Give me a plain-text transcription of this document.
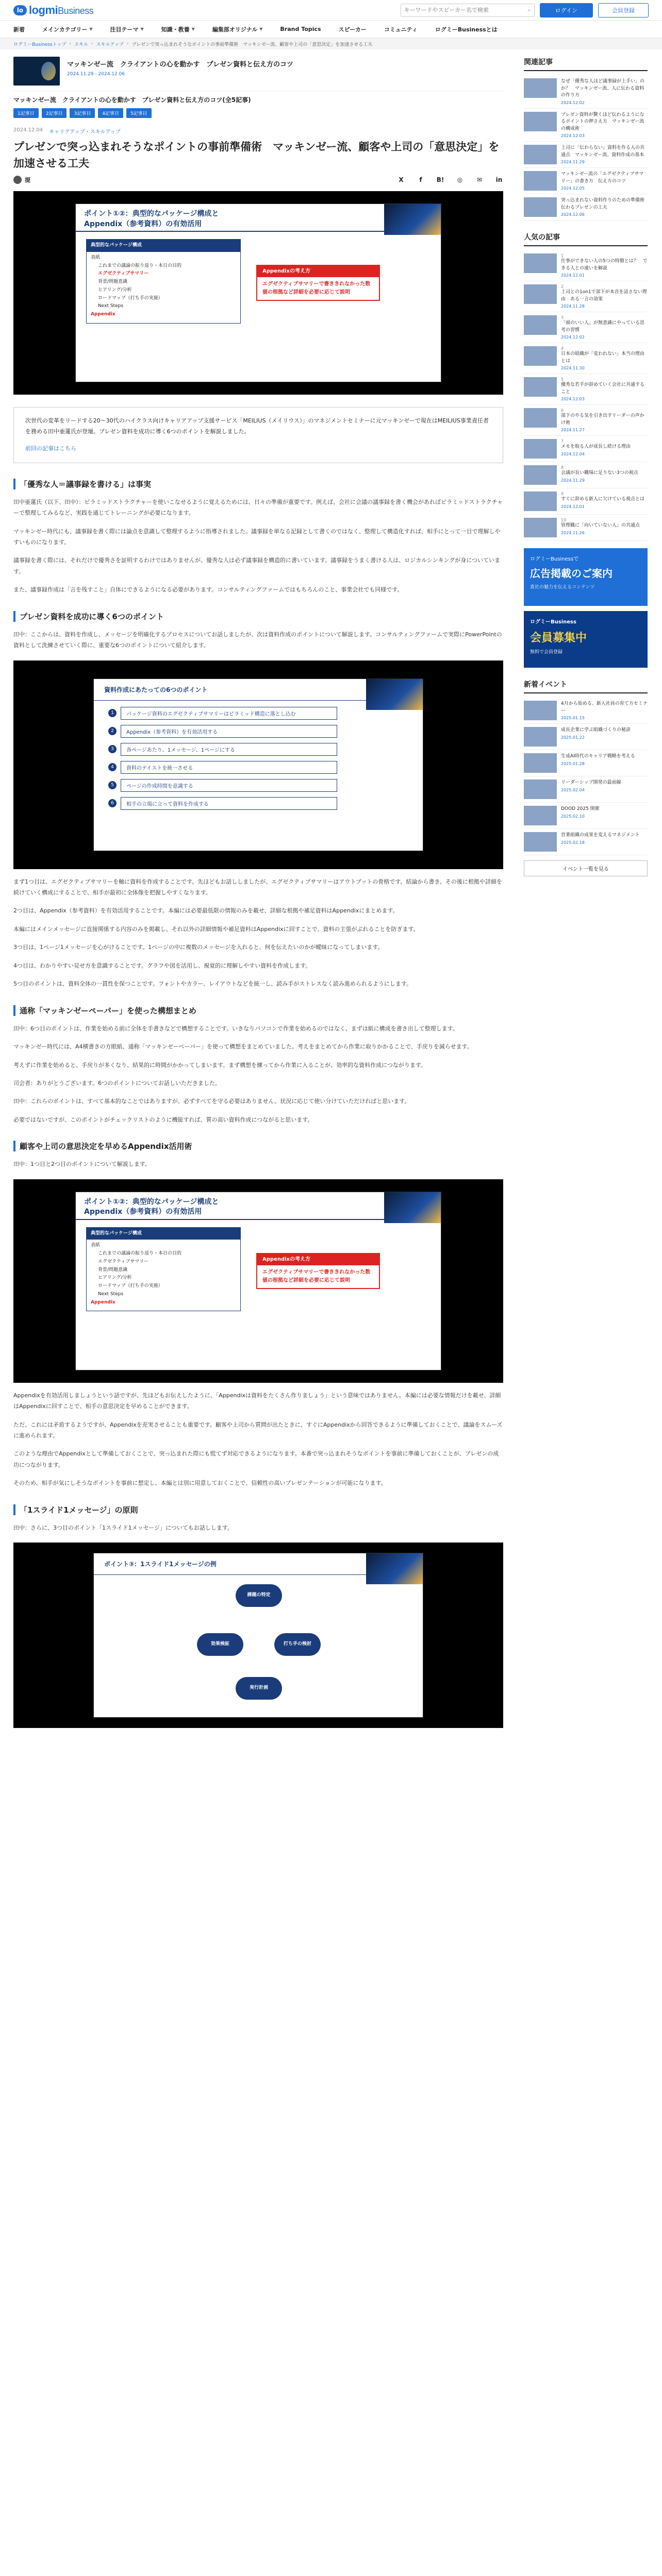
lo logmiBusiness
キーワードやスピーカー名で検索	⌕	ログイン	会員登録
新着	メインカテゴリー ▼	注目テーマ ▼	知識・教養 ▼	編集部オリジナル ▼	Brand Topics	スピーカー	コミュニティ	ログミーBusinessとは
ログミーBusinessトップ › スキル › スキルアップ › プレゼンで突っ込まれそうなポイントの事前準備術　マッキンゼー流、顧客や上司の「意思決定」を加速させる工夫
マッキンゼー流　クライアントの心を動かす　プレゼン資料と伝え方のコツ
2024.11.29 - 2024.12.06
マッキンゼー流　クライアントの心を動かす　プレゼン資料と伝え方のコツ(全5記事)
1記事目	2記事目	3記事目	4記事目	5記事目
2024.12.04 キャリアアップ・スキルアップ
プレゼンで突っ込まれそうなポイントの事前準備術　マッキンゼー流、顧客や上司の「意思決定」を加速させる工夫
提	X	f	B! ◎ ✉ in
ポイント①②：典型的なパッケージ構成と
Appendix（参考資料）の有効活用
典型的なパッケージ構成
表紙
これまでの議論の振り返り・本日の目的
エグゼクティブサマリー
背景/問題意識
ヒアリング/分析
ロードマップ（打ち手の実施）
Next Steps
Appendix
Appendixの考え方
エグゼクティブサマリーで書ききれなかった数値の根拠など詳細を必要に応じて説明
次世代の変革をリードする20〜30代のハイクラス向けキャリアアップ支援サービス「MEILIUS（メイリウス）」のマネジメントセミナーに元マッキンゼーで現在はMEILIUS事業責任者を務める田中亜蓮氏が登壇。プレゼン資料を成功に導く6つのポイントを解説しました。
前回の記事はこちら
「優秀な人＝議事録を書ける」は事実

田中亜蓮氏（以下、田中）：ピラミッドストラクチャーを使いこなせるように覚えるためには、日々の準備が重要です。例えば、会社に会議の議事録を書く機会があればピラミッドストラクチャーで整理してみるなど、実践を通じてトレーニングが必要になります。

マッキンゼー時代にも、議事録を書く際には論点を意識して整理するように指導されました。議事録を単なる記録として書くのではなく、整理して構造化すれば、相手にとって一目で理解しやすいものになります。

議事録を書く際には、それだけで優秀さを証明するわけではありませんが、優秀な人は必ず議事録を構造的に書いています。議事録をうまく書ける人は、ロジカルシンキングが身についています。

また、議事録作成は「言を残すこと」自体にできるようになる必要があります。コンサルティングファームではもちろんのこと、事業会社でも同様です。

プレゼン資料を成功に導く6つのポイント

田中：ここからは、資料を作成し、メッセージを明確化するプロセスについてお話しましたが、次は資料作成のポイントについて解説します。コンサルティングファームで実際にPowerPointの資料として洗練させていく際に、重要な6つのポイントについて紹介します。

資料作成にあたっての6つのポイント
1	パッケージ資料のエグゼクティブサマリーはピラミッド構造に落とし込む
2	Appendix（参考資料）を有効活用する
3	各ページあたり、1メッセージ、1ページにする
4	資料のテイストを統一させる
5	ページの作成時間を意識する
6	相手の立場に立って資料を作成する

まず1つ目は、エグゼクティブサマリーを軸に資料を作成することです。先ほどもお話ししましたが、エグゼクティブサマリーはアウトプットの骨格です。結論から書き、その後に根拠や詳細を続けていく構成にすることで、相手が最初に全体像を把握しやすくなります。

2つ目は、Appendix（参考資料）を有効活用することです。本編には必要最低限の情報のみを載せ、詳細な根拠や補足資料はAppendixにまとめます。

本編にはメインメッセージに直接関係する内容のみを掲載し、それ以外の詳細情報や補足資料はAppendixに回すことで、資料の主張がぶれることを防ぎます。

3つ目は、1ページ1メッセージを心がけることです。1ページの中に複数のメッセージを入れると、何を伝えたいのかが曖昧になってしまいます。

4つ目は、わかりやすい見せ方を意識することです。グラフや図を活用し、視覚的に理解しやすい資料を作成します。

5つ目のポイントは、資料全体の一貫性を保つことです。フォントやカラー、レイアウトなどを統一し、読み手がストレスなく読み進められるようにします。

通称「マッキンゼーペーパー」を使った構想まとめ

田中：6つ目のポイントは、作業を始める前に全体を手書きなどで構想することです。いきなりパソコンで作業を始めるのではなく、まずは紙に構成を書き出して整理します。

マッキンゼー時代には、A4横書きの方眼紙、通称「マッキンゼーペーパー」を使って構想をまとめていました。考えをまとめてから作業に取りかかることで、手戻りを減らせます。

考えずに作業を始めると、手戻りが多くなり、結果的に時間がかかってしまいます。まず構想を練ってから作業に入ることが、効率的な資料作成につながります。

司会者：ありがとうございます。6つのポイントについてお話しいただきました。

田中：これらのポイントは、すべて基本的なことではありますが、必ずすべてを守る必要はありません。状況に応じて使い分けていただければと思います。

必要ではないですが、このポイントがチェックリストのように機能すれば、質の高い資料作成につながると思います。

顧客や上司の意思決定を早めるAppendix活用術

田中：1つ目と2つ目のポイントについて解説します。

ポイント①②：典型的なパッケージ構成と
Appendix（参考資料）の有効活用
典型的なパッケージ構成
表紙
これまでの議論の振り返り・本日の目的
エグゼクティブサマリー
背景/問題意識
ヒアリング/分析
ロードマップ（打ち手の実施）
Next Steps
Appendix
Appendixの考え方
エグゼクティブサマリーで書ききれなかった数値の根拠など詳細を必要に応じて説明

Appendixを有効活用しましょうという話ですが、先ほどもお伝えしたように、「Appendixは資料をたくさん作りましょう」という意味ではありません。本編には必要な情報だけを載せ、詳細はAppendixに回すことで、相手の意思決定を早めることができます。

ただ、これには矛盾するようですが、Appendixを充実させることも重要です。顧客や上司から質問が出たときに、すぐにAppendixから回答できるように準備しておくことで、議論をスムーズに進められます。

このような理由でAppendixとして準備しておくことで、突っ込まれた際にも慌てず対応できるようになります。本番で突っ込まれそうなポイントを事前に準備しておくことが、プレゼンの成功につながります。

そのため、相手が気にしそうなポイントを事前に想定し、本編とは別に用意しておくことで、信頼性の高いプレゼンテーションが可能になります。

「1スライド1メッセージ」の原則

田中：さらに、3つ目のポイント「1スライド1メッセージ」についてもお話しします。

ポイント③：1スライド1メッセージの例
課題の特定
打ち手の検討
実行計画
効果検証
関連記事
なぜ「優秀な人ほど議事録が上手い」のか？　マッキンゼー流、人に伝わる資料の作り方
2024.12.02
プレゼン資料が驚くほど伝わるようになるポイントの押さえ方　マッキンゼー流の構成術
2024.12.03
上司に「伝わらない」資料を作る人の共通点　マッキンゼー流、資料作成の基本
2024.11.29
マッキンゼー流の「エグゼクティブサマリー」の書き方　伝え方のコツ
2024.12.05
突っ込まれない資料作りのための準備術　伝わるプレゼンの工夫
2024.12.06
人気の記事
1
仕事ができない人の5つの特徴とは？　できる人との違いを解説
2024.12.01
2
上司との1on1で部下が本音を話さない理由　ある一言の効果
2024.11.28
3
「頭のいい人」が無意識にやっている思考の習慣
2024.12.02
4
日本の組織が「変われない」本当の理由とは
2024.11.30
5
優秀な若手が辞めていく会社に共通すること
2024.12.03
6
部下のやる気を引き出すリーダーの声かけ術
2024.11.27
7
メモを取る人が成長し続ける理由
2024.12.04
8
会議が長い職場に足りない3つの視点
2024.11.29
9
すぐに辞める新人に欠けている視点とは
2024.12.01
10
管理職に「向いていない人」の共通点
2024.11.26
ログミーBusinessで
広告掲載のご案内
貴社の魅力を伝えるコンテンツ
ログミーBusiness
会員募集中
無料で会員登録
新着イベント
4月から始める、新入社員の育て方セミナー
2025.01.15
成長企業に学ぶ組織づくりの秘訣
2025.01.22
生成AI時代のキャリア戦略を考える
2025.01.28
リーダーシップ開発の最前線
2025.02.04
DOOD 2025 開催
2025.02.10
営業組織の成果を変えるマネジメント
2025.02.18
イベント一覧を見る
